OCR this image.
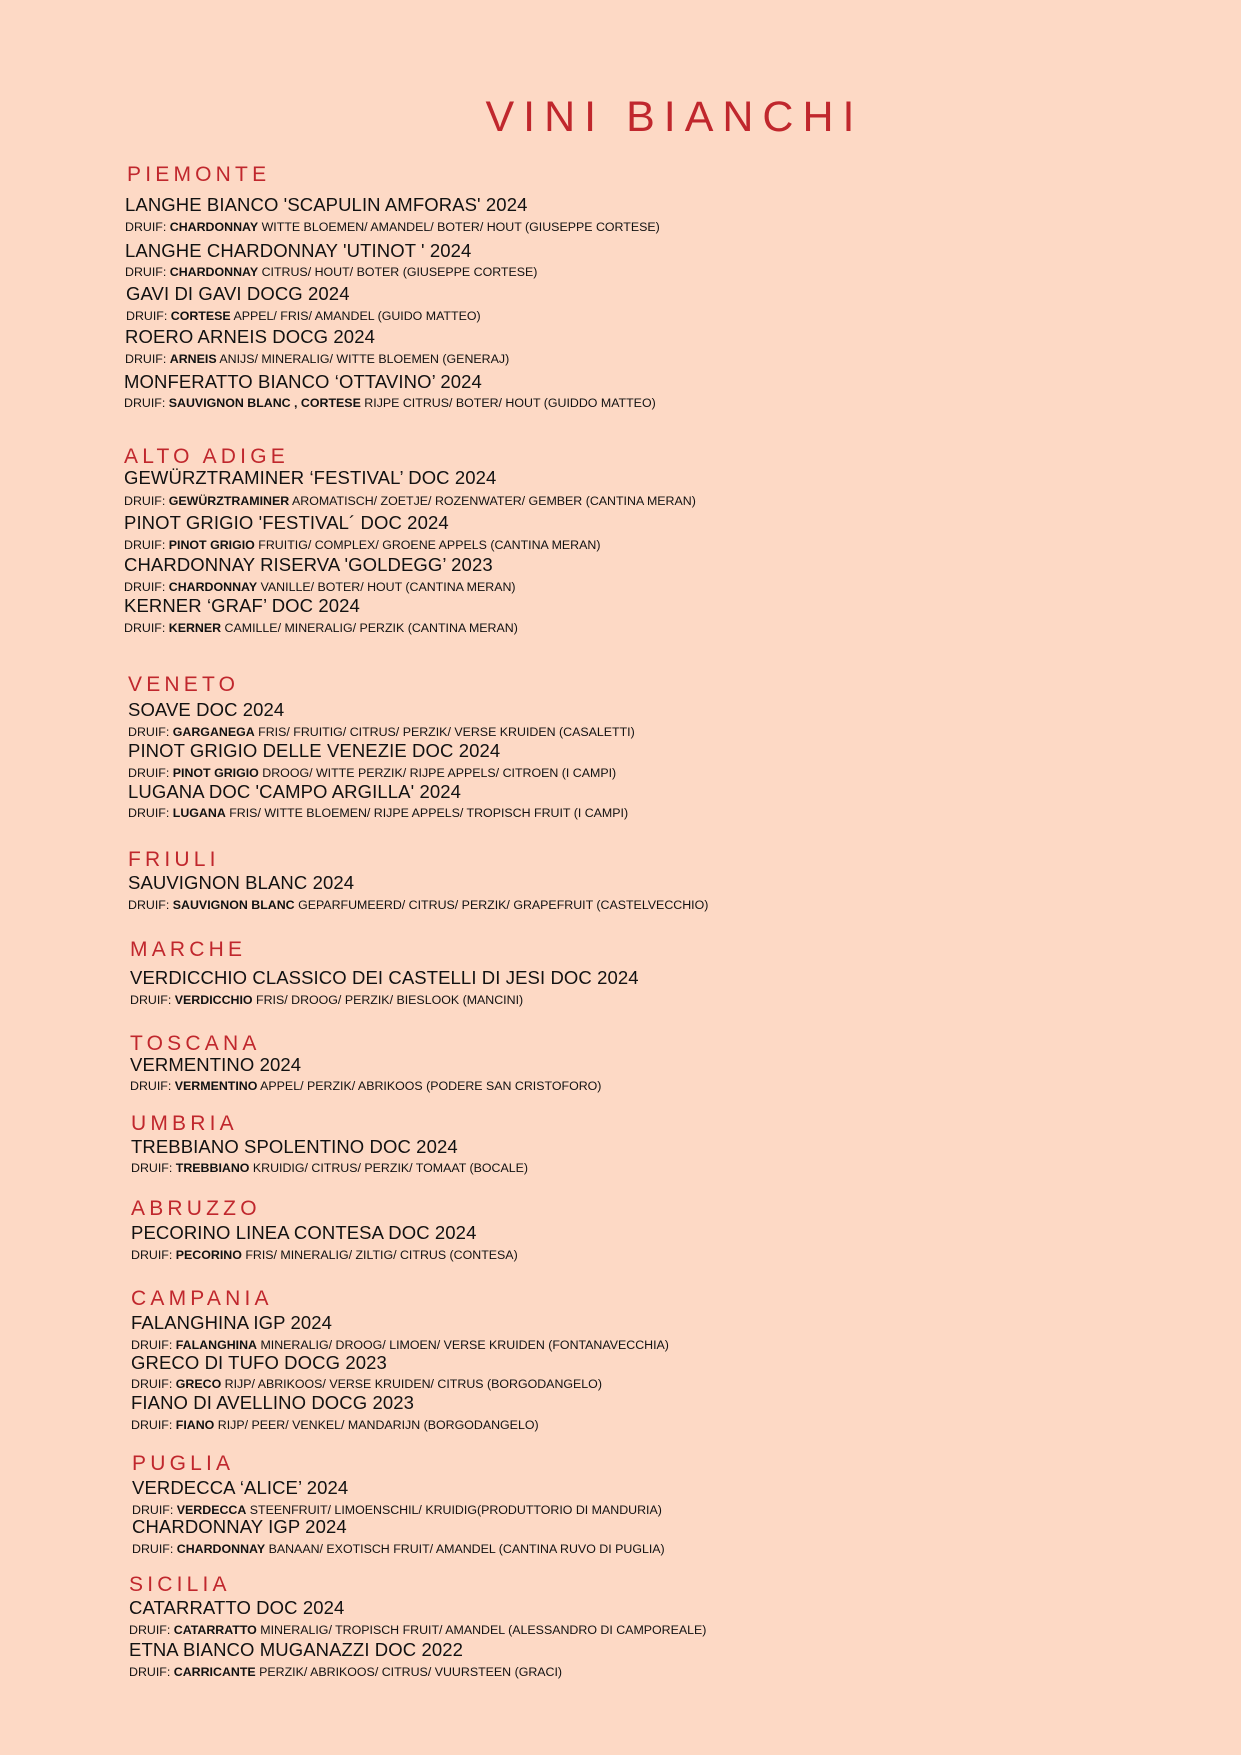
VINI BIANCHI
PIEMONTE
LANGHE BIANCO 'SCAPULIN AMFORAS' 2024
DRUIF: CHARDONNAY WITTE BLOEMEN/ AMANDEL/ BOTER/ HOUT (GIUSEPPE CORTESE)
LANGHE CHARDONNAY 'UTINOT ' 2024
DRUIF: CHARDONNAY CITRUS/ HOUT/ BOTER (GIUSEPPE CORTESE)
GAVI DI GAVI DOCG 2024
DRUIF: CORTESE APPEL/ FRIS/ AMANDEL (GUIDO MATTEO)
ROERO ARNEIS DOCG 2024
DRUIF: ARNEIS ANIJS/ MINERALIG/ WITTE BLOEMEN (GENERAJ)
MONFERATTO BIANCO ‘OTTAVINO’ 2024
DRUIF: SAUVIGNON BLANC , CORTESE RIJPE CITRUS/ BOTER/ HOUT (GUIDDO MATTEO)
ALTO ADIGE
GEWÜRZTRAMINER ‘FESTIVAL’ DOC 2024
DRUIF: GEWÜRZTRAMINER AROMATISCH/ ZOETJE/ ROZENWATER/ GEMBER (CANTINA MERAN)
PINOT GRIGIO 'FESTIVAL´ DOC 2024
DRUIF: PINOT GRIGIO FRUITIG/ COMPLEX/ GROENE APPELS (CANTINA MERAN)
CHARDONNAY RISERVA 'GOLDEGG’ 2023
DRUIF: CHARDONNAY VANILLE/ BOTER/ HOUT (CANTINA MERAN)
KERNER ‘GRAF’ DOC 2024
DRUIF: KERNER CAMILLE/ MINERALIG/ PERZIK (CANTINA MERAN)
VENETO
SOAVE DOC 2024
DRUIF: GARGANEGA FRIS/ FRUITIG/ CITRUS/ PERZIK/ VERSE KRUIDEN (CASALETTI)
PINOT GRIGIO DELLE VENEZIE DOC 2024
DRUIF: PINOT GRIGIO DROOG/ WITTE PERZIK/ RIJPE APPELS/ CITROEN (I CAMPI)
LUGANA DOC 'CAMPO ARGILLA' 2024
DRUIF: LUGANA FRIS/ WITTE BLOEMEN/ RIJPE APPELS/ TROPISCH FRUIT (I CAMPI)
FRIULI
SAUVIGNON BLANC 2024
DRUIF: SAUVIGNON BLANC GEPARFUMEERD/ CITRUS/ PERZIK/ GRAPEFRUIT (CASTELVECCHIO)
MARCHE
VERDICCHIO CLASSICO DEI CASTELLI DI JESI DOC 2024
DRUIF: VERDICCHIO FRIS/ DROOG/ PERZIK/ BIESLOOK (MANCINI)
TOSCANA
VERMENTINO 2024
DRUIF: VERMENTINO APPEL/ PERZIK/ ABRIKOOS (PODERE SAN CRISTOFORO)
UMBRIA
TREBBIANO SPOLENTINO DOC 2024
DRUIF: TREBBIANO KRUIDIG/ CITRUS/ PERZIK/ TOMAAT (BOCALE)
ABRUZZO
PECORINO LINEA CONTESA DOC 2024
DRUIF: PECORINO FRIS/ MINERALIG/ ZILTIG/ CITRUS (CONTESA)
CAMPANIA
FALANGHINA IGP 2024
DRUIF: FALANGHINA MINERALIG/ DROOG/ LIMOEN/ VERSE KRUIDEN (FONTANAVECCHIA)
GRECO DI TUFO DOCG 2023
DRUIF: GRECO RIJP/ ABRIKOOS/ VERSE KRUIDEN/ CITRUS (BORGODANGELO)
FIANO DI AVELLINO DOCG 2023
DRUIF: FIANO RIJP/ PEER/ VENKEL/ MANDARIJN (BORGODANGELO)
PUGLIA
VERDECCA ‘ALICE’ 2024
DRUIF: VERDECCA STEENFRUIT/ LIMOENSCHIL/ KRUIDIG(PRODUTTORIO DI MANDURIA)
CHARDONNAY IGP 2024
DRUIF: CHARDONNAY BANAAN/ EXOTISCH FRUIT/ AMANDEL (CANTINA RUVO DI PUGLIA)
SICILIA
CATARRATTO DOC 2024
DRUIF: CATARRATTO MINERALIG/ TROPISCH FRUIT/ AMANDEL (ALESSANDRO DI CAMPOREALE)
ETNA BIANCO MUGANAZZI DOC 2022
DRUIF: CARRICANTE PERZIK/ ABRIKOOS/ CITRUS/ VUURSTEEN (GRACI)
